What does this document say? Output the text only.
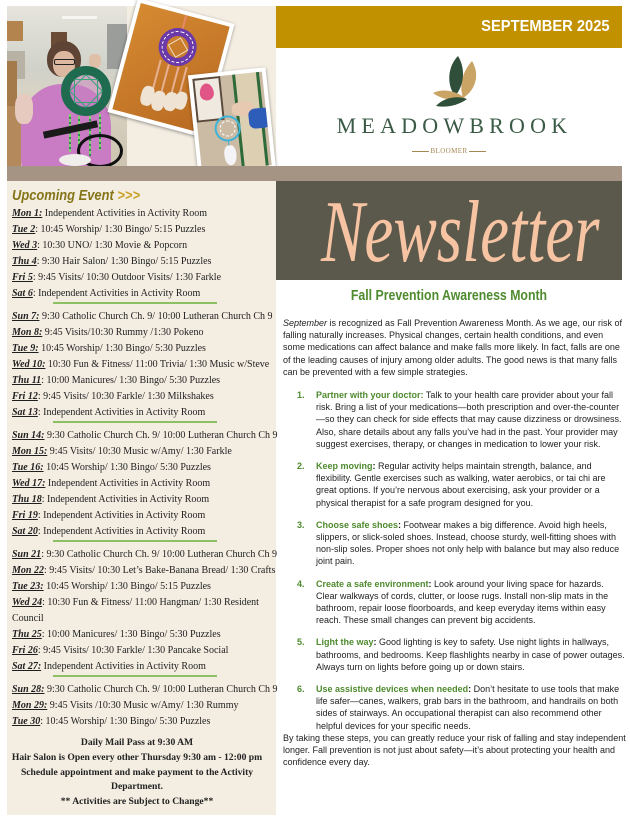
SEPTEMBER 2025
MEADOWBROOK
BLOOMER
Newsletter
Fall Prevention Awareness Month

September is recognized as Fall Prevention Awareness Month. As we age, our risk of falling naturally increases. Physical changes, certain health conditions, and even some medications can affect balance and make falls more likely. In fact, falls are one of the leading causes of injury among older adults. The good news is that many falls can be prevented with a few simple strategies.

1.	Partner with your doctor: Talk to your health care provider about your fall risk. Bring a list of your medications—both prescription and over-the-counter—so they can check for side effects that may cause dizziness or drowsiness. Also, share details about any falls you’ve had in the past. Your provider may suggest exercises, therapy, or changes in medication to lower your risk.
2.	Keep moving: Regular activity helps maintain strength, balance, and flexibility. Gentle exercises such as walking, water aerobics, or tai chi are great options. If you’re nervous about exercising, ask your provider or a physical therapist for a safe program designed for you.
3.	Choose safe shoes: Footwear makes a big difference. Avoid high heels, slippers, or slick-soled shoes. Instead, choose sturdy, well-fitting shoes with non-slip soles. Proper shoes not only help with balance but may also reduce joint pain.
4.	Create a safe environment: Look around your living space for hazards. Clear walkways of cords, clutter, or loose rugs. Install non-slip mats in the bathroom, repair loose floorboards, and keep everyday items within easy reach. These small changes can prevent big accidents.
5.	Light the way: Good lighting is key to safety. Use night lights in hallways, bathrooms, and bedrooms. Keep flashlights nearby in case of power outages. Always turn on lights before going up or down stairs.
6.	Use assistive devices when needed: Don’t hesitate to use tools that make life safer—canes, walkers, grab bars in the bathroom, and handrails on both sides of stairways. An occupational therapist can also recommend other helpful devices for your specific needs.

By taking these steps, you can greatly reduce your risk of falling and stay independent longer. Fall prevention is not just about safety—it’s about protecting your health and confidence every day.

Upcoming Event >>>
Mon 1: Independent Activities in Activity Room
Tue 2: 10:45 Worship/ 1:30 Bingo/ 5:15 Puzzles
Wed 3: 10:30 UNO/ 1:30 Movie & Popcorn
Thu 4: 9:30 Hair Salon/ 1:30 Bingo/ 5:15 Puzzles
Fri 5: 9:45 Visits/ 10:30 Outdoor Visits/ 1:30 Farkle
Sat 6: Independent Activities in Activity Room
Sun 7: 9:30 Catholic Church Ch. 9/ 10:00 Lutheran Church Ch 9
Mon 8: 9:45 Visits/10:30 Rummy /1:30 Pokeno
Tue 9: 10:45 Worship/ 1:30 Bingo/ 5:30 Puzzles
Wed 10: 10:30 Fun & Fitness/ 11:00 Trivia/ 1:30 Music w/Steve
Thu 11: 10:00 Manicures/ 1:30 Bingo/ 5:30 Puzzles
Fri 12: 9:45 Visits/ 10:30 Farkle/ 1:30 Milkshakes
Sat 13: Independent Activities in Activity Room
Sun 14: 9:30 Catholic Church Ch. 9/ 10:00 Lutheran Church Ch 9
Mon 15: 9:45 Visits/ 10:30 Music w/Amy/ 1:30 Farkle
Tue 16: 10:45 Worship/ 1:30 Bingo/ 5:30 Puzzles
Wed 17: Independent Activities in Activity Room
Thu 18: Independent Activities in Activity Room
Fri 19: Independent Activities in Activity Room
Sat 20: Independent Activities in Activity Room
Sun 21: 9:30 Catholic Church Ch. 9/ 10:00 Lutheran Church Ch 9
Mon 22: 9:45 Visits/ 10:30 Let’s Bake-Banana Bread/ 1:30 Crafts
Tue 23: 10:45 Worship/ 1:30 Bingo/ 5:15 Puzzles
Wed 24: 10:30 Fun & Fitness/ 11:00 Hangman/ 1:30 Resident Council
Thu 25: 10:00 Manicures/ 1:30 Bingo/ 5:30 Puzzles
Fri 26: 9:45 Visits/ 10:30 Farkle/ 1:30 Pancake Social
Sat 27: Independent Activities in Activity Room
Sun 28: 9:30 Catholic Church Ch. 9/ 10:00 Lutheran Church Ch 9
Mon 29: 9:45 Visits /10:30 Music w/Amy/ 1:30 Rummy
Tue 30: 10:45 Worship/ 1:30 Bingo/ 5:30 Puzzles
Daily Mail Pass at 9:30 AM
Hair Salon is Open every other Thursday 9:30 am - 12:00 pm
Schedule appointment and make payment to the Activity Department.
** Activities are Subject to Change**
